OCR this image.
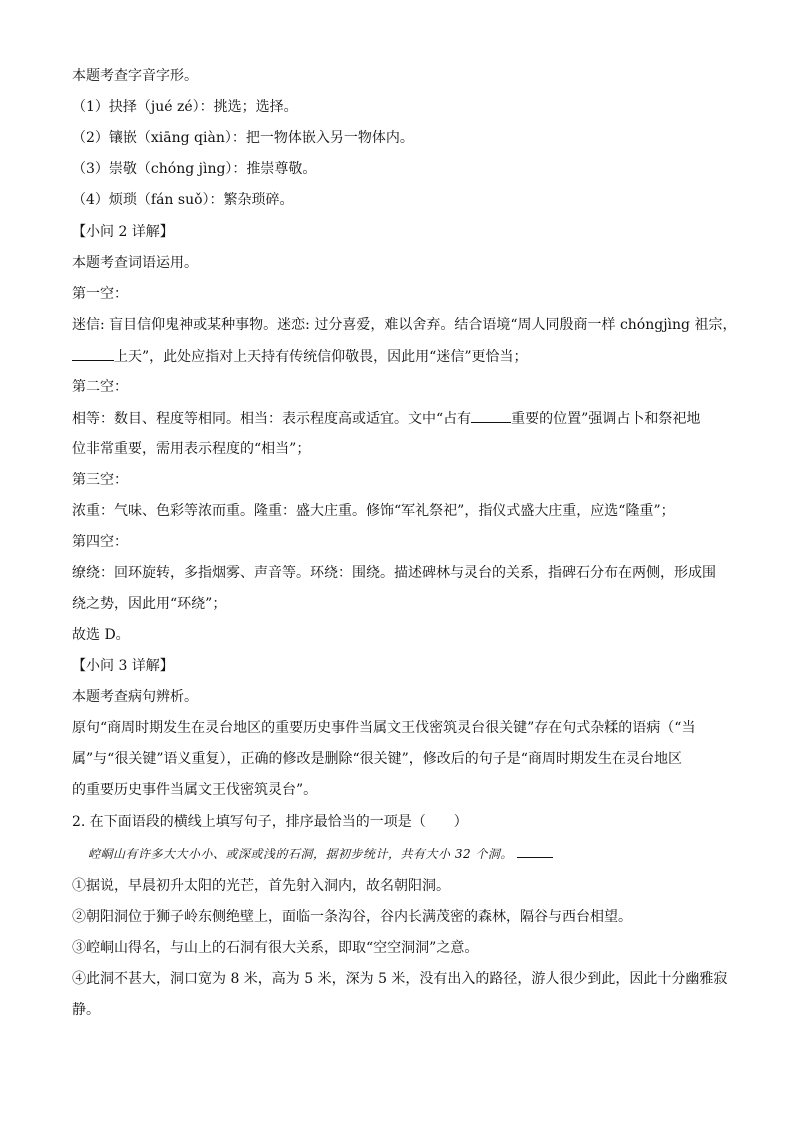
本题考查字音字形。
（1）抉择（jué zé）：挑选；选择。
（2）镶嵌（xiāng qiàn）：把一物体嵌入另一物体内。
（3）崇敬（chóng jìng）：推崇尊敬。
（4）烦琐（fán suǒ）：繁杂琐碎。
【小问 2 详解】
本题考查词语运用。
第一空：
迷信: 盲目信仰鬼神或某种事物。迷恋: 过分喜爱，难以舍弃。结合语境“周人同殷商一样 chóngjìng 祖宗，
上天”，此处应指对上天持有传统信仰敬畏，因此用“迷信”更恰当；
第二空：
相等：数目、程度等相同。相当：表示程度高或适宜。文中“占有	重要的位置”强调占卜和祭祀地
位非常重要，需用表示程度的“相当”；
第三空：
浓重：气味、色彩等浓而重。隆重：盛大庄重。修饰“军礼祭祀”，指仪式盛大庄重，应选“隆重”；
第四空：
缭绕：回环旋转，多指烟雾、声音等。环绕：围绕。描述碑林与灵台的关系，指碑石分布在两侧，形成围
绕之势，因此用“环绕”；
故选 D。
【小问 3 详解】
本题考查病句辨析。
原句“商周时期发生在灵台地区的重要历史事件当属文王伐密筑灵台很关键”存在句式杂糅的语病（“当
属”与“很关键”语义重复），正确的修改是删除“很关键”，修改后的句子是“商周时期发生在灵台地区
的重要历史事件当属文王伐密筑灵台”。
2. 在下面语段的横线上填写句子，排序最恰当的一项是（　　）
崆峒山有许多大大小小、或深或浅的石洞，据初步统计，共有大小 32 个洞。
①据说，早晨初升太阳的光芒，首先射入洞内，故名朝阳洞。
②朝阳洞位于狮子岭东侧绝壁上，面临一条沟谷，谷内长满茂密的森林，隔谷与西台相望。
③崆峒山得名，与山上的石洞有很大关系，即取“空空洞洞”之意。
④此洞不甚大，洞口宽为 8 米，高为 5 米，深为 5 米，没有出入的路径，游人很少到此，因此十分幽雅寂
静。
